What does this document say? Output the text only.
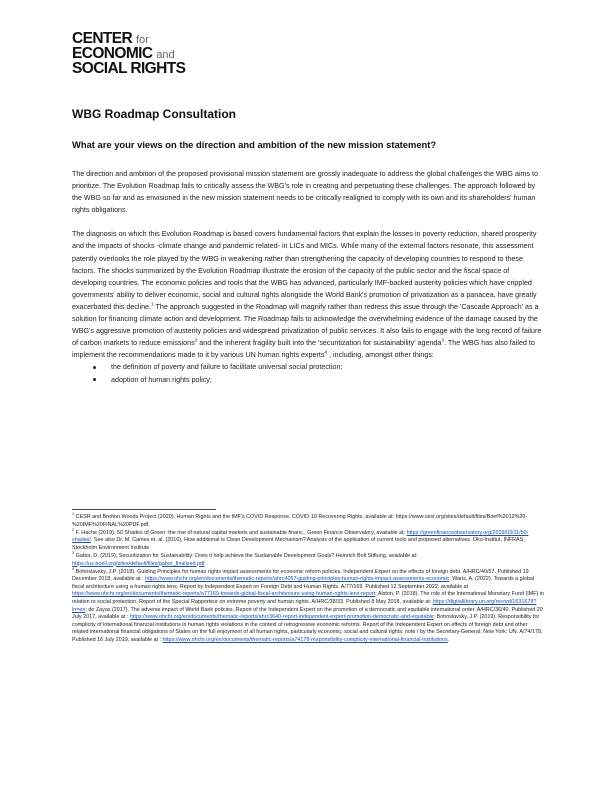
CENTER for
ECONOMIC and
SOCIAL RIGHTS
WBG Roadmap Consultation
What are your views on the direction and ambition of the new mission statement?

The direction and ambition of the proposed provisional mission statement are grossly inadequate to address the global challenges the WBG aims to prioritize. The Evolution Roadmap fails to critically assess the WBG's role in creating and perpetuating these challenges. The approach followed by the WBG so far and as envisioned in the new mission statement needs to be critically realigned to comply with its own and its shareholders' human rights obligations.

The diagnosis on which this Evolution Roadmap is based covers fundamental factors that explain the losses in poverty reduction, shared prosperity and the impacts of shocks -climate change and pandemic related- in LICs and MICs. While many of the external factors resonate, this assessment patently overlooks the role played by the WBG in weakening rather than strengthening the capacity of developing countries to respond to these factors. The shocks summarized by the Evolution Roadmap illustrate the erosion of the capacity of the public sector and the fiscal space of developing countries. The economic policies and tools that the WBG has advanced, particularly IMF-backed austerity policies which have crippled governments' ability to deliver economic, social and cultural rights alongside the World Bank's promotion of privatization as a panacea, have greatly exacerbated this decline.$^1$ The approach suggested in the Roadmap will magnify rather than redress this issue through the 'Cascade Approach' as a solution for financing climate action and development. The Roadmap fails to acknowledge the overwhelming evidence of the damage caused by the WBG's aggressive promotion of austerity policies and widespread privatization of public services. It also fails to engage with the long record of failure of carbon markets to reduce emissions$^2$ and the inherent fragility built into the 'securitization for sustainability' agenda$^3$. The WBG has also failed to implement the recommendations made to it by various UN human rights experts$^4$ , including, amongst other things:

the definition of poverty and failure to facilitate universal social protection;
adoption of human rights policy;

$^1$ CESR and Bretton Woods Project (2020). Human Rights and the IMF's COVID Response, COVID-19 Recovering Rights, available at: https://www.cesr.org/sites/default/files/Brief%2012%20-%20IMF%20FINAL%20PDF.pdf.

$^2$ F. Hache (2019). 50 Shades of Green: the rise of natural capital markets and sustainable financ., Green Finance Observatory, available at: https://greenfinanceobservatory.org/2019/03/11/50-shades/. See also Dr. M. Cames et. al. (2016), How additional is Clean Development Mechanism? Analysis of the application of current tools and proposed alternatives. Oko-Institut, INFRAS, Stockholm Environment Institute.

$^3$ Gabor, D. (2019), Securitization for Sustainability: Does it help achieve the Sustainable Development Goals? Heinrich Boll Stiftung, available at: https://us.boell.org/sites/default/files/gabor_finalized.pdf.

$^4$ Bohoslavsky, J.P. (2018). Guiding Principles for human rights impact assessments for economic reform policies. Independent Expert on the effects of foreign debt. A/HRC/40/57. Published 19 December 2018, available at : https://www.ohchr.org/en/documents/thematic-reports/ahrc4057-guiding-principles-human-rights-impact-assessments-economic; Waris, A. (2022). Towards a global fiscal architecture using a human rights lens. Report by Independent Expert on Foreign Debt and Human Rights. A/77/169. Published 12 September 2022, available at https://www.ohchr.org/en/documents/thematic-reports/a77169-towards-global-fiscal-architecture-using-human-rights-lens-report; Alston, P. (2018). The role of the International Monetary Fund (IMF) in relation to social protection. Report of the Special Rapporteur on extreme poverty and human rights. A/HRC/38/33. Published 8 May 2018, available at: https://digitallibrary.un.org/record/1631678?ln=en; de Zayas (2017). The adverse impact of World Bank policies. Report of the Independent Expert on the promotion of a democratic and equitable international order. A/HRC/36/40. Published 20 July 2017, available at : https://www.ohchr.org/en/documents/thematic-reports/ahrc3640-report-independent-expert-promotion-democratic-and-equitable; Bohoslavsky, J.P. (2019). Responsibility for complicity of international financial institutions in human rights violations in the context of retrogressive economic reforms. Report of the Independent Expert on effects of foreign debt and other related international financial obligations of States on the full enjoyment of all human rights, particularly economic, social and cultural rights: note / by the Secretary-General. New York: UN. A/74/178. Published 16 July 2019, available at : https://www.ohchr.org/en/documents/thematic-reports/a74178-responsibility-complicity-international-financial-institutions.
